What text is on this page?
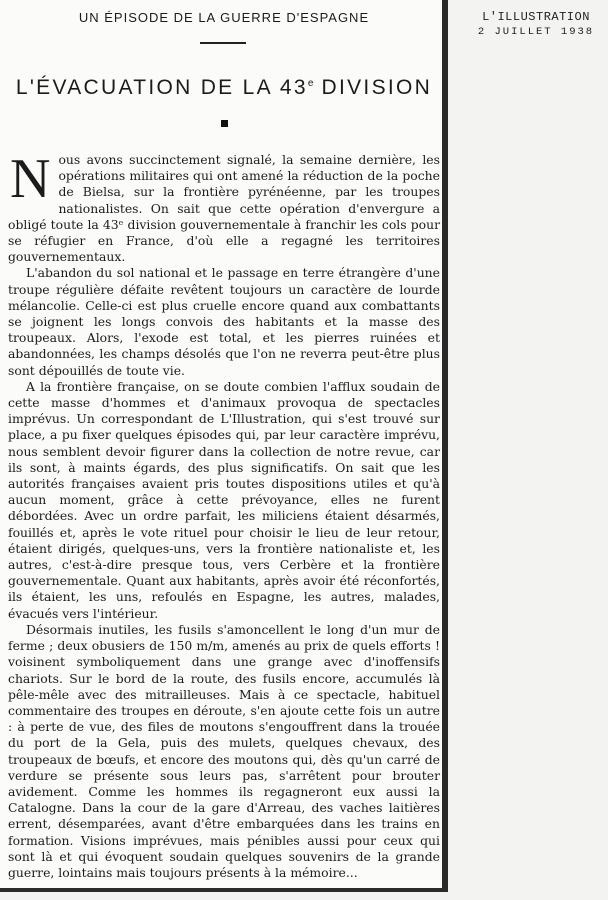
UN ÉPISODE DE LA GUERRE D'ESPAGNE
L'ÉVACUATION DE LA 43e DIVISION

Nous avons succinctement signalé, la semaine dernière, les opérations militaires qui ont amené la réduction de la poche de Bielsa, sur la frontière pyrénéenne, par les troupes nationalistes. On sait que cette opération d'envergure a obligé toute la 43ᵉ division gouvernementale à franchir les cols pour se réfugier en France, d'où elle a regagné les territoires gouvernementaux.

L'abandon du sol national et le passage en terre étrangère d'une troupe régulière défaite revêtent toujours un caractère de lourde mélancolie. Celle-ci est plus cruelle encore quand aux combattants se joignent les longs convois des habitants et la masse des troupeaux. Alors, l'exode est total, et les pierres ruinées et abandonnées, les champs désolés que l'on ne reverra peut-être plus sont dépouillés de toute vie.

A la frontière française, on se doute combien l'afflux soudain de cette masse d'hommes et d'animaux provoqua de spectacles imprévus. Un correspondant de L'Illustration, qui s'est trouvé sur place, a pu fixer quelques épisodes qui, par leur caractère imprévu, nous semblent devoir figurer dans la collection de notre revue, car ils sont, à maints égards, des plus significatifs. On sait que les autorités françaises avaient pris toutes dispositions utiles et qu'à aucun moment, grâce à cette prévoyance, elles ne furent débordées. Avec un ordre parfait, les miliciens étaient désarmés, fouillés et, après le vote rituel pour choisir le lieu de leur retour, étaient dirigés, quelques-uns, vers la frontière nationaliste et, les autres, c'est-à-dire presque tous, vers Cerbère et la frontière gouvernementale. Quant aux habitants, après avoir été réconfortés, ils étaient, les uns, refoulés en Espagne, les autres, malades, évacués vers l'intérieur.

Désormais inutiles, les fusils s'amoncellent le long d'un mur de ferme ; deux obusiers de 150 m/m, amenés au prix de quels efforts ! voisinent symboliquement dans une grange avec d'inoffensifs chariots. Sur le bord de la route, des fusils encore, accumulés là pêle-mêle avec des mitrailleuses. Mais à ce spectacle, habituel commentaire des troupes en déroute, s'en ajoute cette fois un autre : à perte de vue, des files de moutons s'engouffrent dans la trouée du port de la Gela, puis des mulets, quelques chevaux, des troupeaux de bœufs, et encore des moutons qui, dès qu'un carré de verdure se présente sous leurs pas, s'arrêtent pour brouter avidement. Comme les hommes ils regagneront eux aussi la Catalogne. Dans la cour de la gare d'Arreau, des vaches laitières errent, désemparées, avant d'être embarquées dans les trains en formation. Visions imprévues, mais pénibles aussi pour ceux qui sont là et qui évoquent soudain quelques souvenirs de la grande guerre, lointains mais toujours présents à la mémoire...

L'ILLUSTRATION
2 JUILLET 1938
